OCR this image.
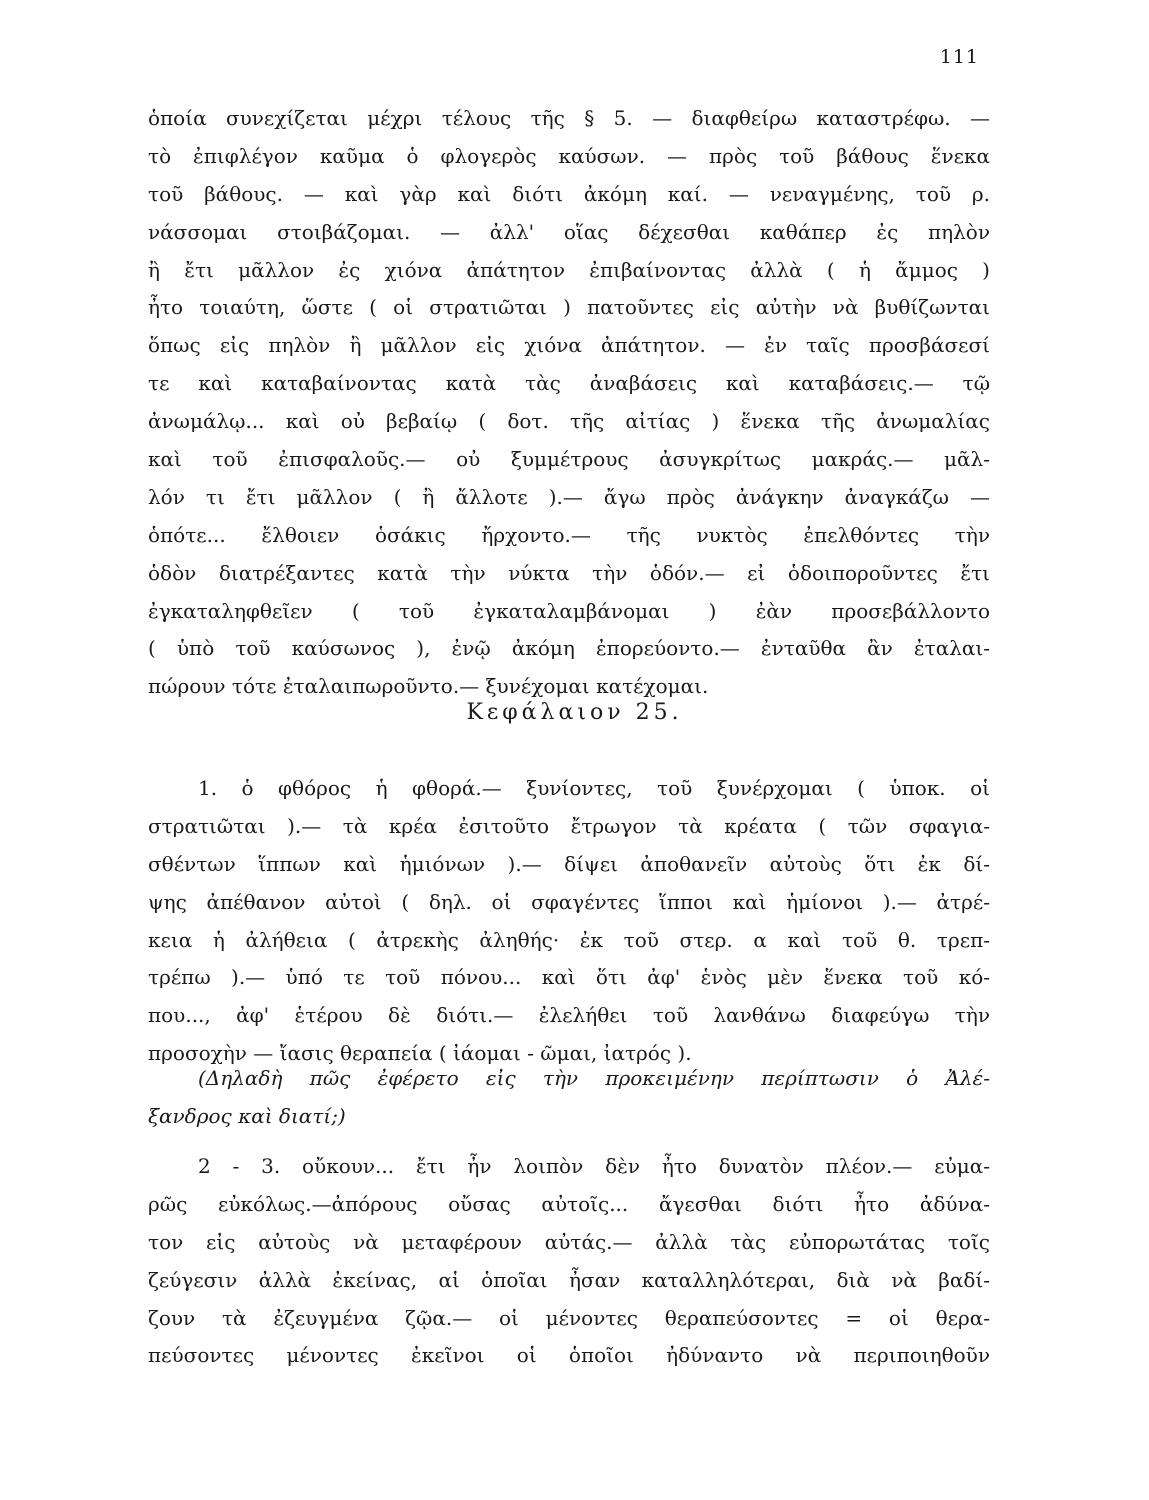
111
ὁποία συνεχίζεται μέχρι τέλους τῆς § 5. — διαφθείρω καταστρέφω. —
τὸ ἐπιφλέγον καῦμα ὁ φλογερὸς καύσων. — πρὸς τοῦ βάθους ἕνεκα
τοῦ βάθους. — καὶ γὰρ καὶ διότι ἀκόμη καί. — νεναγμένης, τοῦ ρ.
νάσσομαι στοιβάζομαι. — ἀλλ' οἵας δέχεσθαι καθάπερ ἐς πηλὸν
ἢ ἔτι μᾶλλον ἐς χιόνα ἀπάτητον ἐπιβαίνοντας ἀλλὰ ( ἡ ἄμμος )
ἦτο τοιαύτη, ὥστε ( οἱ στρατιῶται ) πατοῦντες εἰς αὐτὴν νὰ βυθίζωνται
ὅπως εἰς πηλὸν ἢ μᾶλλον εἰς χιόνα ἀπάτητον. — ἐν ταῖς προσβάσεσί
τε καὶ καταβαίνοντας κατὰ τὰς ἀναβάσεις καὶ καταβάσεις.— τῷ
ἀνωμάλῳ... καὶ οὐ βεβαίῳ ( δοτ. τῆς αἰτίας ) ἕνεκα τῆς ἀνωμαλίας
καὶ τοῦ ἐπισφαλοῦς.— οὐ ξυμμέτρους ἀσυγκρίτως μακράς.— μᾶλ-
λόν τι ἔτι μᾶλλον ( ἢ ἄλλοτε ).— ἄγω πρὸς ἀνάγκην ἀναγκάζω —
ὁπότε... ἔλθοιεν ὁσάκις ἤρχοντο.— τῆς νυκτὸς ἐπελθόντες τὴν
ὁδὸν διατρέξαντες κατὰ τὴν νύκτα τὴν ὁδόν.— εἰ ὁδοιποροῦντες ἔτι
ἐγκαταληφθεῖεν ( τοῦ ἐγκαταλαμβάνομαι ) ἐὰν προσεβάλλοντο
( ὑπὸ τοῦ καύσωνος ), ἐνῷ ἀκόμη ἐπορεύοντο.— ἐνταῦθα ἂν ἐταλαι-
πώρουν τότε ἐταλαιπωροῦντο.— ξυνέχομαι κατέχομαι.
Κεφάλαιον 25.
1. ὁ φθόρος ἡ φθορά.— ξυνίοντες, τοῦ ξυνέρχομαι ( ὑποκ. οἱ
στρατιῶται ).— τὰ κρέα ἐσιτοῦτο ἔτρωγον τὰ κρέατα ( τῶν σφαγια-
σθέντων ἵππων καὶ ἡμιόνων ).— δίψει ἀποθανεῖν αὐτοὺς ὅτι ἐκ δί-
ψης ἀπέθανον αὐτοὶ ( δηλ. οἱ σφαγέντες ἵπποι καὶ ἡμίονοι ).— ἀτρέ-
κεια ἡ ἀλήθεια ( ἀτρεκὴς ἀληθής· ἐκ τοῦ στερ. α καὶ τοῦ θ. τρεπ-
τρέπω ).— ὑπό τε τοῦ πόνου... καὶ ὅτι ἀφ' ἑνὸς μὲν ἕνεκα τοῦ κό-
που..., ἀφ' ἑτέρου δὲ διότι.— ἐλελήθει τοῦ λανθάνω διαφεύγω τὴν
προσοχὴν — ἴασις θεραπεία ( ἰάομαι - ῶμαι, ἰατρός ).
(Δηλαδὴ πῶς ἐφέρετο εἰς τὴν προκειμένην περίπτωσιν ὁ Ἀλέ-
ξανδρος καὶ διατί;)
2 - 3. οὔκουν... ἔτι ἦν λοιπὸν δὲν ἦτο δυνατὸν πλέον.— εὐμα-
ρῶς εὐκόλως.—ἀπόρους οὔσας αὐτοῖς... ἄγεσθαι διότι ἦτο ἀδύνα-
τον εἰς αὐτοὺς νὰ μεταφέρουν αὐτάς.— ἀλλὰ τὰς εὐπορωτάτας τοῖς
ζεύγεσιν ἀλλὰ ἐκείνας, αἱ ὁποῖαι ἦσαν καταλληλότεραι, διὰ νὰ βαδί-
ζουν τὰ ἐζευγμένα ζῷα.— οἱ μένοντες θεραπεύσοντες = οἱ θερα-
πεύσοντες μένοντες ἐκεῖνοι οἱ ὁποῖοι ἠδύναντο νὰ περιποιηθοῦν
